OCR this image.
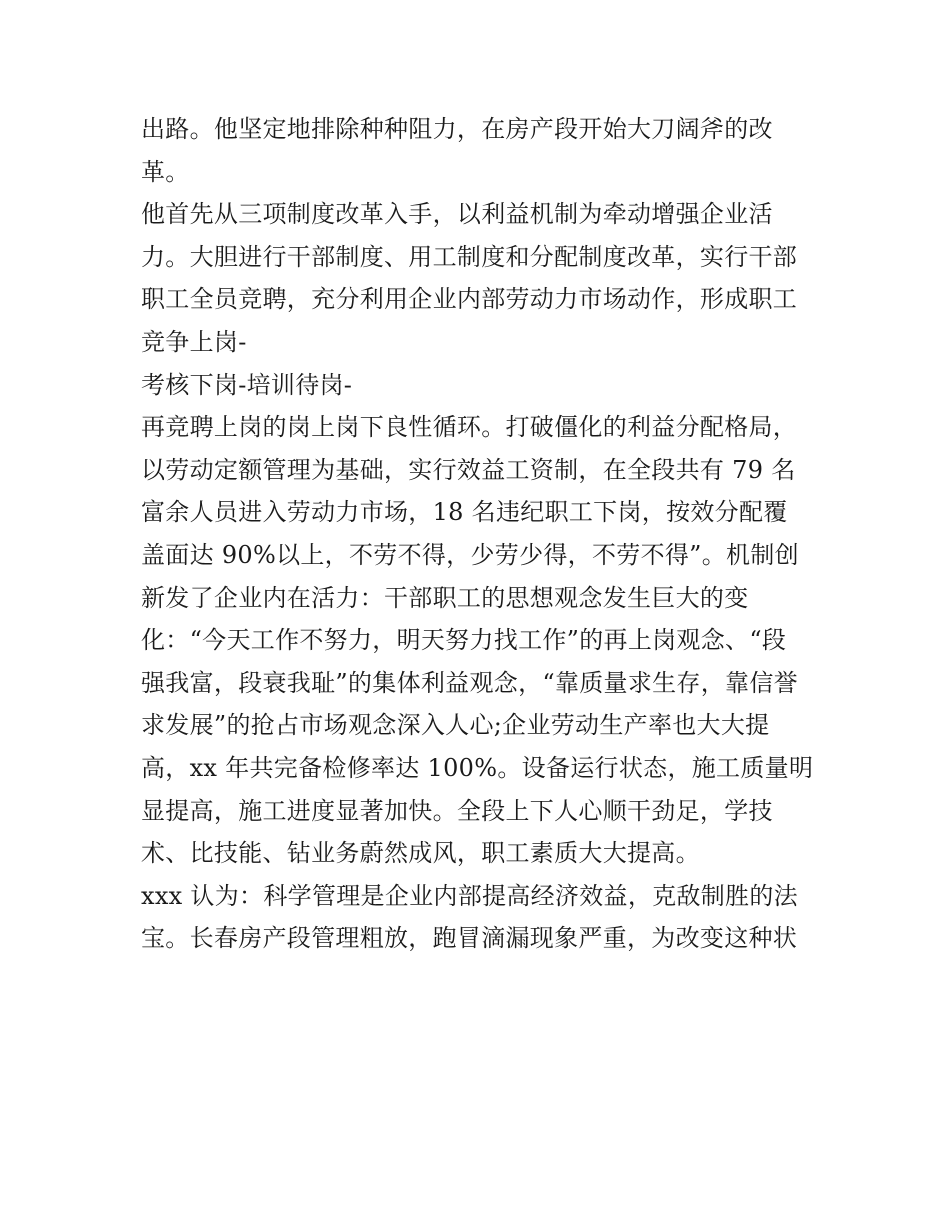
出路。他坚定地排除种种阻力，在房产段开始大刀阔斧的改
革。
他首先从三项制度改革入手，以利益机制为牵动增强企业活
力。大胆进行干部制度、用工制度和分配制度改革，实行干部
职工全员竞聘，充分利用企业内部劳动力市场动作，形成职工
竞争上岗-
考核下岗-培训待岗-
再竞聘上岗的岗上岗下良性循环。打破僵化的利益分配格局，
以劳动定额管理为基础，实行效益工资制，在全段共有 79 名
富余人员进入劳动力市场，18 名违纪职工下岗，按效分配覆
盖面达 90%以上，不劳不得，少劳少得，不劳不得”。机制创
新发了企业内在活力：干部职工的思想观念发生巨大的变
化：“今天工作不努力，明天努力找工作”的再上岗观念、“段
强我富，段衰我耻”的集体利益观念，“靠质量求生存，靠信誉
求发展”的抢占市场观念深入人心;企业劳动生产率也大大提
高，xx 年共完备检修率达 100%。设备运行状态，施工质量明
显提高，施工进度显著加快。全段上下人心顺干劲足，学技
术、比技能、钻业务蔚然成风，职工素质大大提高。
xxx 认为：科学管理是企业内部提高经济效益，克敌制胜的法
宝。长春房产段管理粗放，跑冒滴漏现象严重，为改变这种状
